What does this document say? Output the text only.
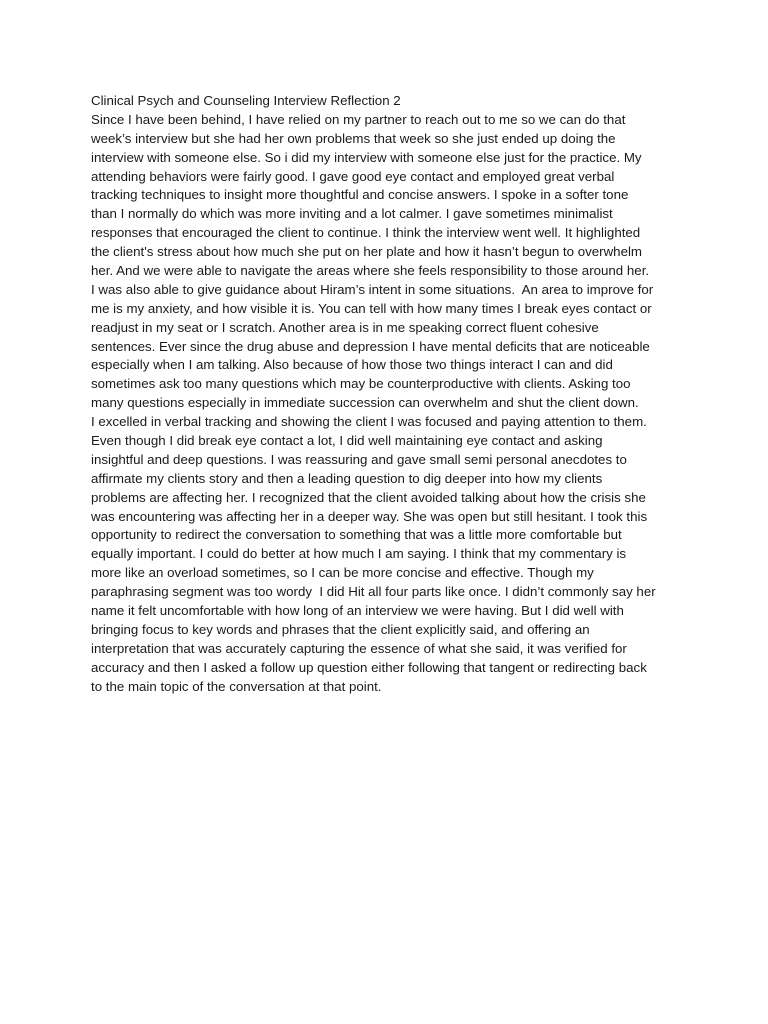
Clinical Psych and Counseling Interview Reflection 2
Since I have been behind, I have relied on my partner to reach out to me so we can do that
week’s interview but she had her own problems that week so she just ended up doing the
interview with someone else. So i did my interview with someone else just for the practice. My
attending behaviors were fairly good. I gave good eye contact and employed great verbal
tracking techniques to insight more thoughtful and concise answers. I spoke in a softer tone
than I normally do which was more inviting and a lot calmer. I gave sometimes minimalist
responses that encouraged the client to continue. I think the interview went well. It highlighted
the client's stress about how much she put on her plate and how it hasn’t begun to overwhelm
her. And we were able to navigate the areas where she feels responsibility to those around her.
I was also able to give guidance about Hiram’s intent in some situations.  An area to improve for
me is my anxiety, and how visible it is. You can tell with how many times I break eyes contact or
readjust in my seat or I scratch. Another area is in me speaking correct fluent cohesive
sentences. Ever since the drug abuse and depression I have mental deficits that are noticeable
especially when I am talking. Also because of how those two things interact I can and did
sometimes ask too many questions which may be counterproductive with clients. Asking too
many questions especially in immediate succession can overwhelm and shut the client down.
I excelled in verbal tracking and showing the client I was focused and paying attention to them.
Even though I did break eye contact a lot, I did well maintaining eye contact and asking
insightful and deep questions. I was reassuring and gave small semi personal anecdotes to
affirmate my clients story and then a leading question to dig deeper into how my clients
problems are affecting her. I recognized that the client avoided talking about how the crisis she
was encountering was affecting her in a deeper way. She was open but still hesitant. I took this
opportunity to redirect the conversation to something that was a little more comfortable but
equally important. I could do better at how much I am saying. I think that my commentary is
more like an overload sometimes, so I can be more concise and effective. Though my
paraphrasing segment was too wordy  I did Hit all four parts like once. I didn’t commonly say her
name it felt uncomfortable with how long of an interview we were having. But I did well with
bringing focus to key words and phrases that the client explicitly said, and offering an
interpretation that was accurately capturing the essence of what she said, it was verified for
accuracy and then I asked a follow up question either following that tangent or redirecting back
to the main topic of the conversation at that point.
